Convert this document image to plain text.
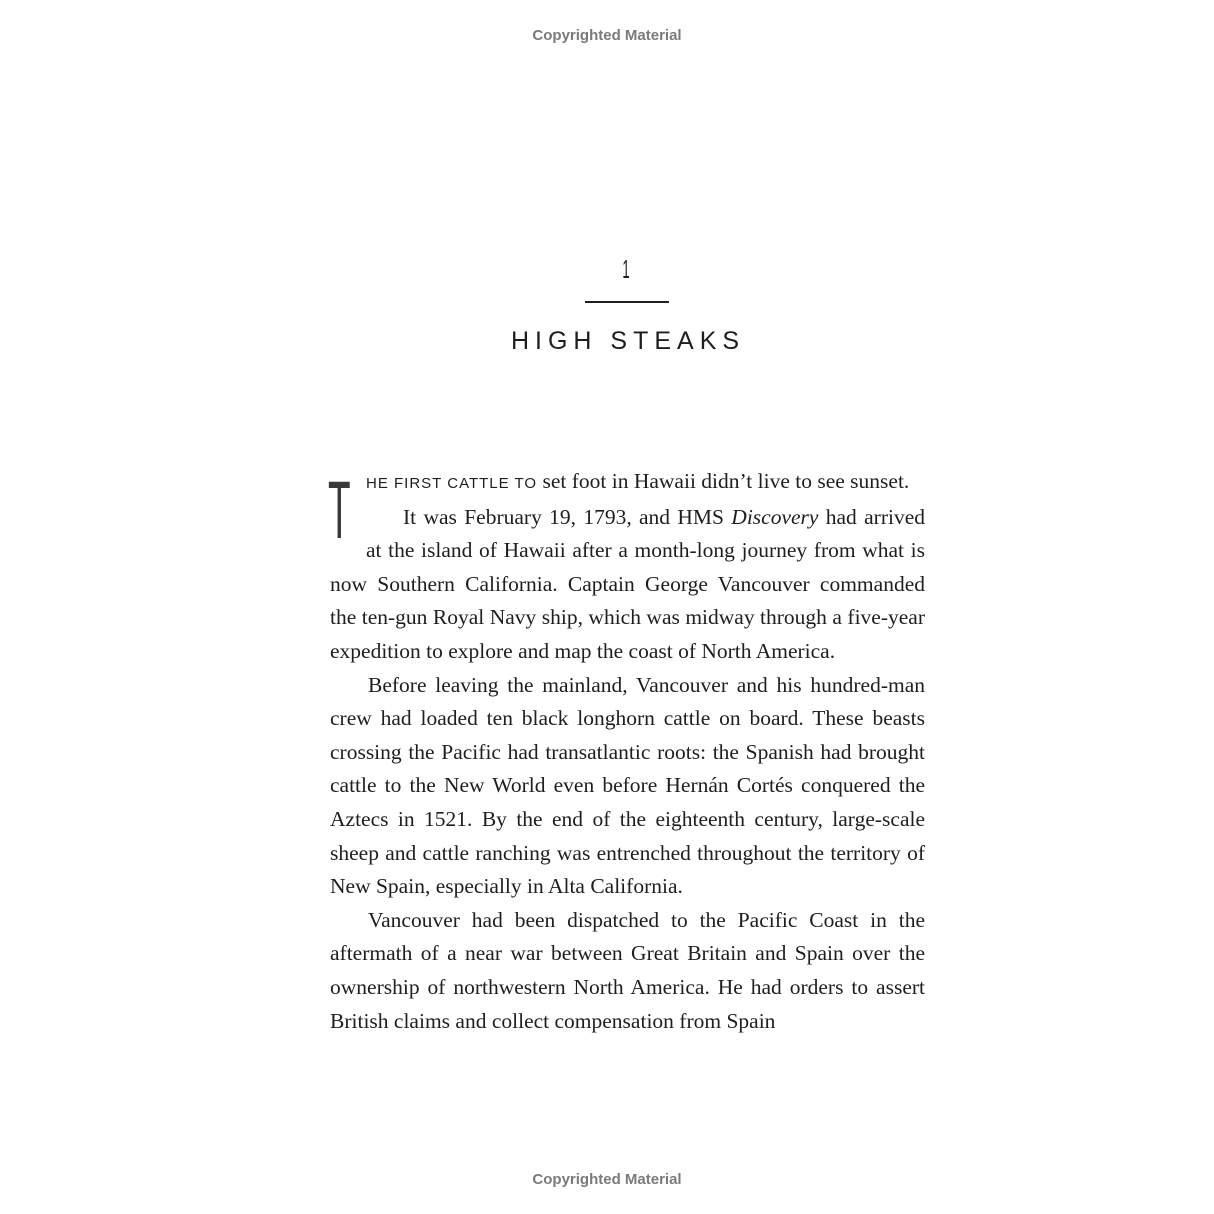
Copyrighted Material
1
HIGH STEAKS

T HE FIRST CATTLE TO set foot in Hawaii didn’t live to see sunset.
It was February 19, 1793, and HMS Discovery had arrived at the island of Hawaii after a month-long journey from what is now Southern California. Captain George Vancouver commanded the ten-gun Royal Navy ship, which was midway through a five-year expedition to explore and map the coast of North America.

Before leaving the mainland, Vancouver and his hundred-man crew had loaded ten black longhorn cattle on board. These beasts crossing the Pacific had transatlantic roots: the Spanish had brought cattle to the New World even before Hernán Cortés conquered the Aztecs in 1521. By the end of the eighteenth century, large-scale sheep and cattle ranching was entrenched throughout the territory of New Spain, especially in Alta California.

Vancouver had been dispatched to the Pacific Coast in the aftermath of a near war between Great Britain and Spain over the ownership of northwestern North America. He had orders to assert British claims and collect compensation from Spain

Copyrighted Material
